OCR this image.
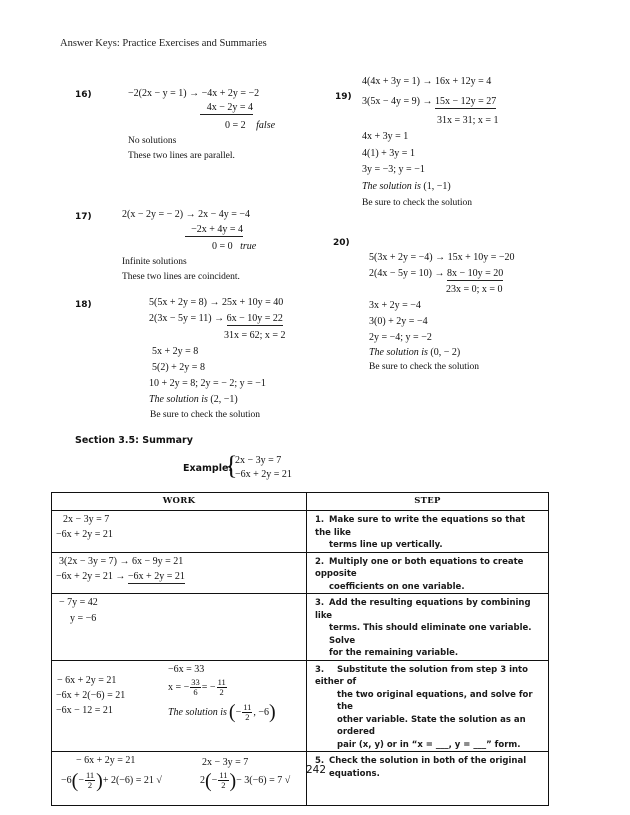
Answer Keys: Practice Exercises and Summaries
16)	−2(2x − y = 1) → −4x + 2y = −2
4x − 2y = 4
0 = 2 false
No solutions
These two lines are parallel.
17)	2(x − 2y = − 2) → 2x − 4y = −4
−2x + 4y = 4
0 = 0 true
Infinite solutions
These two lines are coincident.
18)	5(5x + 2y = 8) → 25x + 10y = 40
2(3x − 5y = 11) → 6x − 10y = 22
31x = 62; x = 2
5x + 2y = 8
5(2) + 2y = 8
10 + 2y = 8; 2y = − 2; y = −1
The solution is (2, −1)
Be sure to check the solution
19)
4(4x + 3y = 1) → 16x + 12y = 4
3(5x − 4y = 9) → 15x − 12y = 27
31x = 31; x = 1
4x + 3y = 1
4(1) + 3y = 1
3y = −3; y = −1
The solution is (1, −1)
Be sure to check the solution
20)
5(3x + 2y = −4) → 15x + 10y = −20
2(4x − 5y = 10) → 8x − 10y = 20
23x = 0; x = 0
3x + 2y = −4
3(0) + 2y = −4
2y = −4; y = −2
The solution is (0, − 2)
Be sure to check the solution
Section 3.5: Summary
Example:
{
2x − 3y = 7
−6x + 2y = 21
WORK	STEP

2x − 3y = 7
−6x + 2y = 21

1. Make sure to write the equations so that the like
terms line up vertically.

3(2x − 3y = 7) → 6x − 9y = 21
−6x + 2y = 21 → −6x + 2y = 21

2. Multiply one or both equations to create opposite
coefficients on one variable.

− 7y = 42
y = −6

3. Add the resulting equations by combining like
terms. This should eliminate one variable. Solve
for the remaining variable.

− 6x + 2y = 21
−6x + 2(−6) = 21
−6x − 12 = 21
−6x = 33
x = − $\frac{33}{6}$ = − $\frac{11}{2}$
The solution is ( − $\frac{11}{2}$ , −6 )

3. Substitute the solution from step 3 into either of
the two original equations, and solve for the
other variable. State the solution as an ordered
pair (x, y) or in “x = ___, y = ___” form.

− 6x + 2y = 21
−6 ( − $\frac{11}{2}$ ) + 2(−6) = 21 √
2x − 3y = 7
2 ( − $\frac{11}{2}$ ) − 3(−6) = 7 √

5. Check the solution in both of the original
equations.
242
